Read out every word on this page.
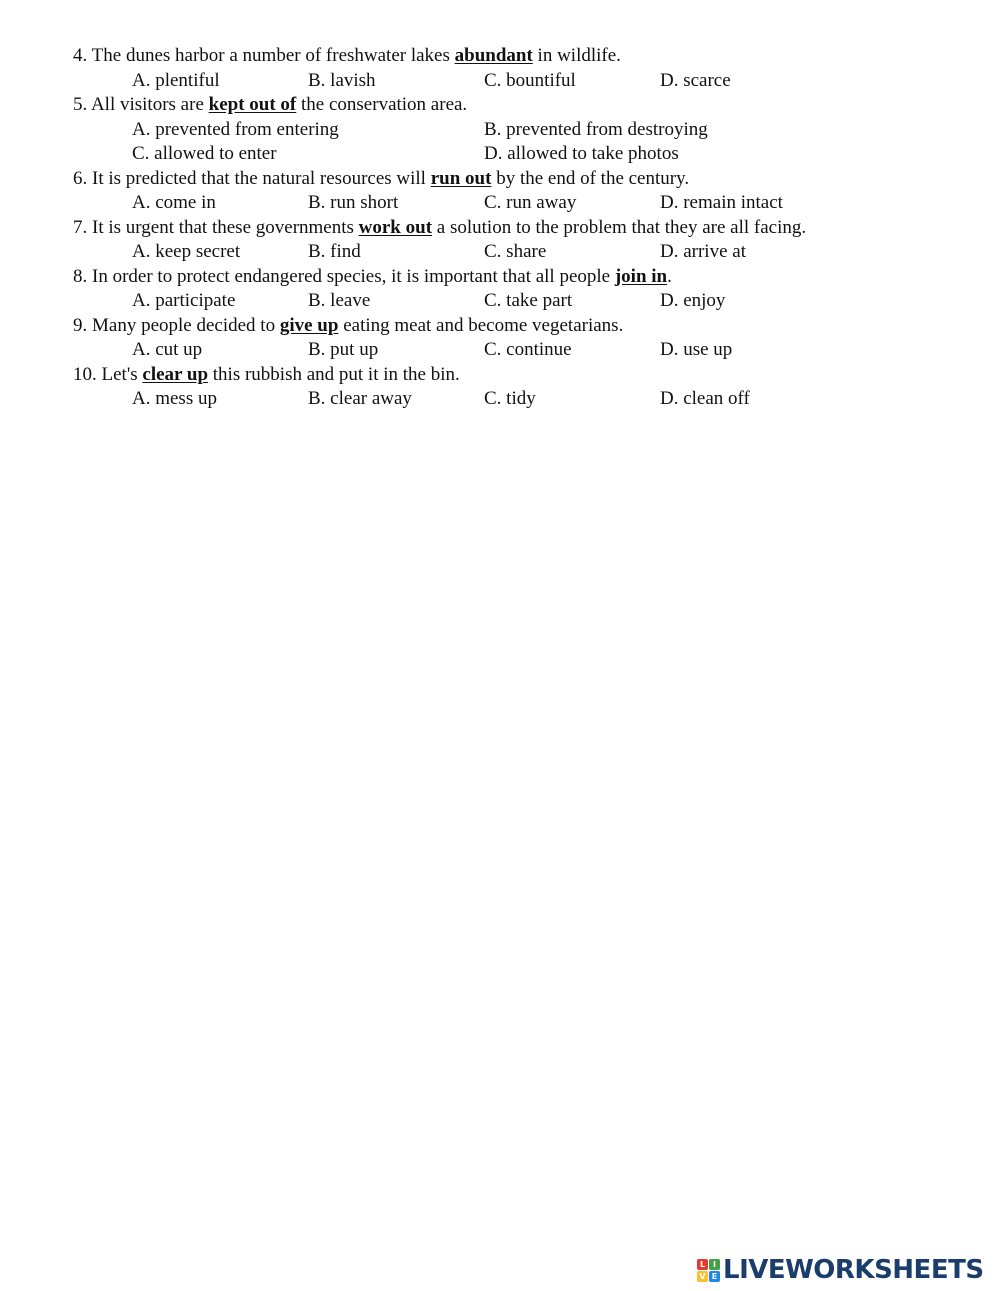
4. The dunes harbor a number of freshwater lakes abundant in wildlife.
A. plentiful	B. lavish	C. bountiful	D. scarce
5. All visitors are kept out of the conservation area.
A. prevented from entering	B. prevented from destroying
C. allowed to enter	D. allowed to take photos
6. It is predicted that the natural resources will run out by the end of the century.
A. come in	B. run short	C. run away	D. remain intact
7. It is urgent that these governments work out a solution to the problem that they are all facing.
A. keep secret	B. find	C. share	D. arrive at
8. In order to protect endangered species, it is important that all people join in.
A. participate	B. leave	C. take part	D. enjoy
9. Many people decided to give up eating meat and become vegetarians.
A. cut up	B. put up	C. continue	D. use up
10. Let's clear up this rubbish and put it in the bin.
A. mess up	B. clear away	C. tidy	D. clean off
L I
V E LIVEWORKSHEETS
